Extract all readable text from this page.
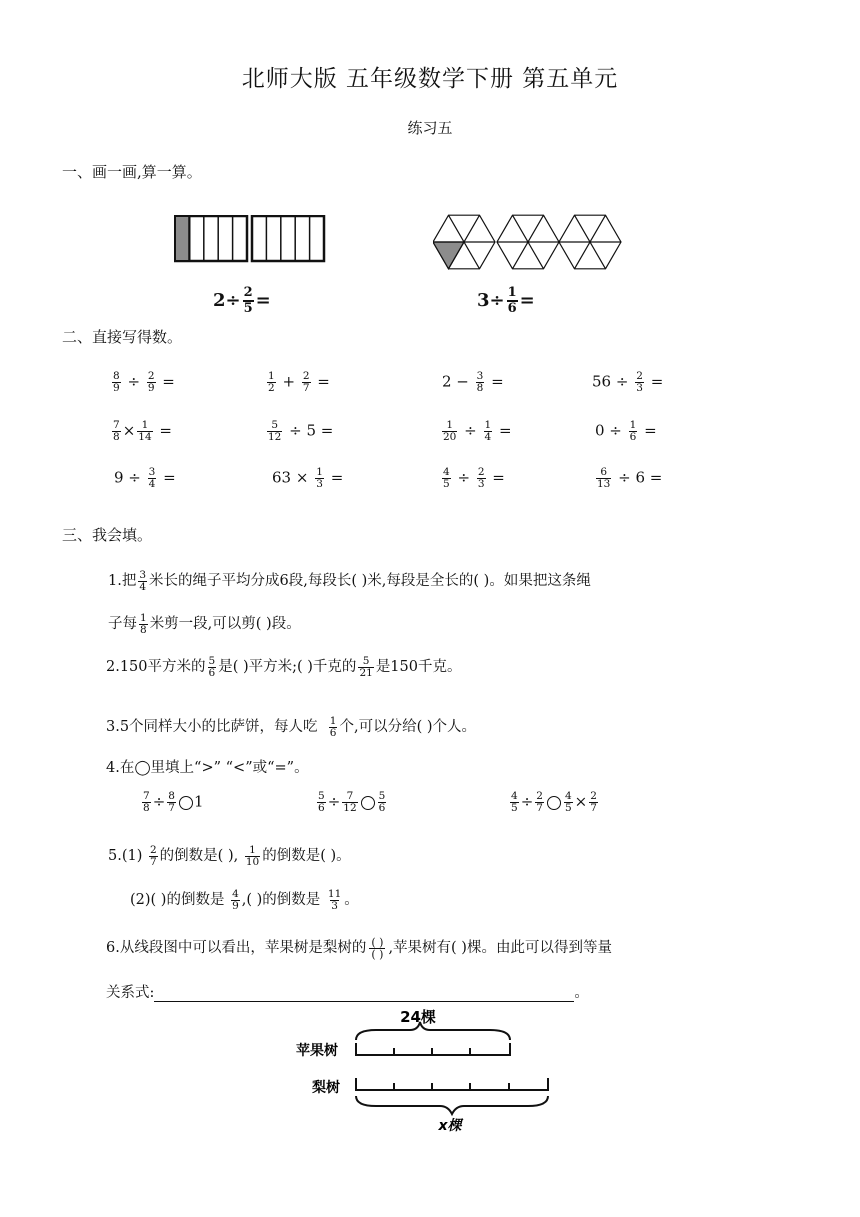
北师大版 五年级数学下册 第五单元
练习五
一、画一画,算一算。
$2\div \frac{2}{5}$ =	$3\div \frac{1}{6}$ =
二、直接写得数。
$\frac{8}{9} \div \frac{2}{9}$ =	$\frac{1}{2} + \frac{2}{7}$ =	$2 - \frac{3}{8}$ =	$56 \div \frac{2}{3}$ =
$\frac{7}{8} \times \frac{1}{14}$ =	$\frac{5}{12} \div 5$ =	$\frac{1}{20} \div \frac{1}{4}$ =	$0 \div \frac{1}{6}$ =
$9 \div \frac{3}{4}$ =	$63 \times \frac{1}{3}$ =	$\frac{4}{5} \div \frac{2}{3}$ =	$\frac{6}{13} \div 6$ =
三、我会填。
1.把 $\frac{3}{4}$ 米长的绳子平均分成6段,每段长( )米,每段是全长的( )。如果把这条绳
子每 $\frac{1}{8}$ 米剪一段,可以剪( )段。
2.150平方米的 $\frac{5}{6}$ 是( )平方米;( )千克的 $\frac{5}{21}$ 是150千克。
3.5个同样大小的比萨饼，每人吃 $\frac{1}{6}$ 个,可以分给( )个人。
4.在◯里填上“>” “<”或“=”。
$\frac{7}{8} \div \frac{8}{7} 1$	$\frac{5}{6} \div \frac{7}{12} \frac{5}{6}$	$\frac{4}{5} \div \frac{2}{7} \frac{4}{5} \times \frac{2}{7}$
$5.(1) \frac{2}{7}$ 的倒数是( ), $\frac{1}{10}$ 的倒数是( )。
(2)( )的倒数是 $\frac{4}{9}$ ,( )的倒数是 $\frac{11}{3}$ 。
6.从线段图中可以看出，苹果树是梨树的 ( )
( ) ,苹果树有( )棵。由此可以得到等量
关系式:	。
24棵
苹果树
梨树
x棵
